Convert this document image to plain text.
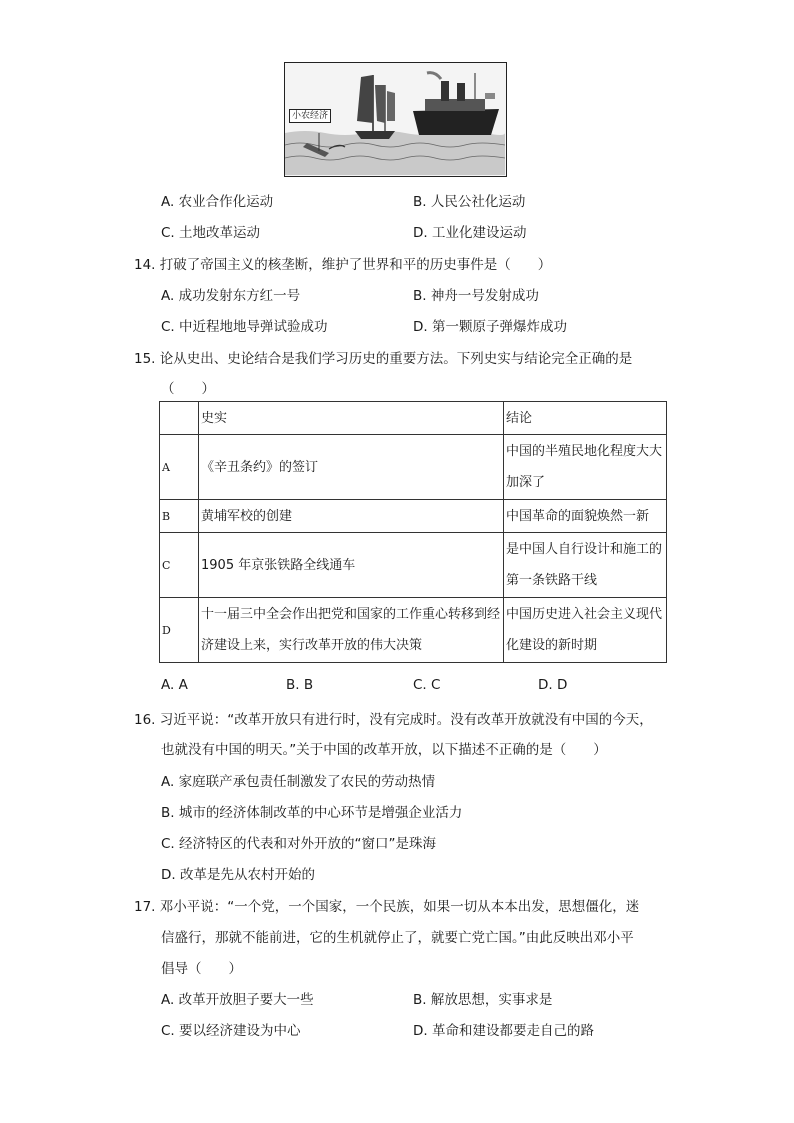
小农经济
A. 农业合作化运动	B. 人民公社化运动
C. 土地改革运动	D. 工业化建设运动
14. 打破了帝国主义的核垄断，维护了世界和平的历史事件是（　　）
A. 成功发射东方红一号	B. 神舟一号发射成功
C. 中近程地地导弹试验成功	D. 第一颗原子弹爆炸成功
15. 论从史出、史论结合是我们学习历史的重要方法。下列史实与结论完全正确的是
（　　）
	史实	结论
A	《辛丑条约》的签订	中国的半殖民地化程度大大加深了
B	黄埔军校的创建	中国革命的面貌焕然一新
C	1905 年京张铁路全线通车	是中国人自行设计和施工的第一条铁路干线
D	十一届三中全会作出把党和国家的工作重心转移到经济建设上来，实行改革开放的伟大决策	中国历史进入社会主义现代化建设的新时期
A. A	B. B	C. C	D. D
16. 习近平说：“改革开放只有进行时，没有完成时。没有改革开放就没有中国的今天，
也就没有中国的明天。”关于中国的改革开放，以下描述不正确的是（　　）
A. 家庭联产承包责任制激发了农民的劳动热情
B. 城市的经济体制改革的中心环节是增强企业活力
C. 经济特区的代表和对外开放的“窗口”是珠海
D. 改革是先从农村开始的
17. 邓小平说：“一个党，一个国家，一个民族，如果一切从本本出发，思想僵化，迷
信盛行，那就不能前进，它的生机就停止了，就要亡党亡国。”由此反映出邓小平
倡导（　　）
A. 改革开放胆子要大一些	B. 解放思想，实事求是
C. 要以经济建设为中心	D. 革命和建设都要走自己的路
